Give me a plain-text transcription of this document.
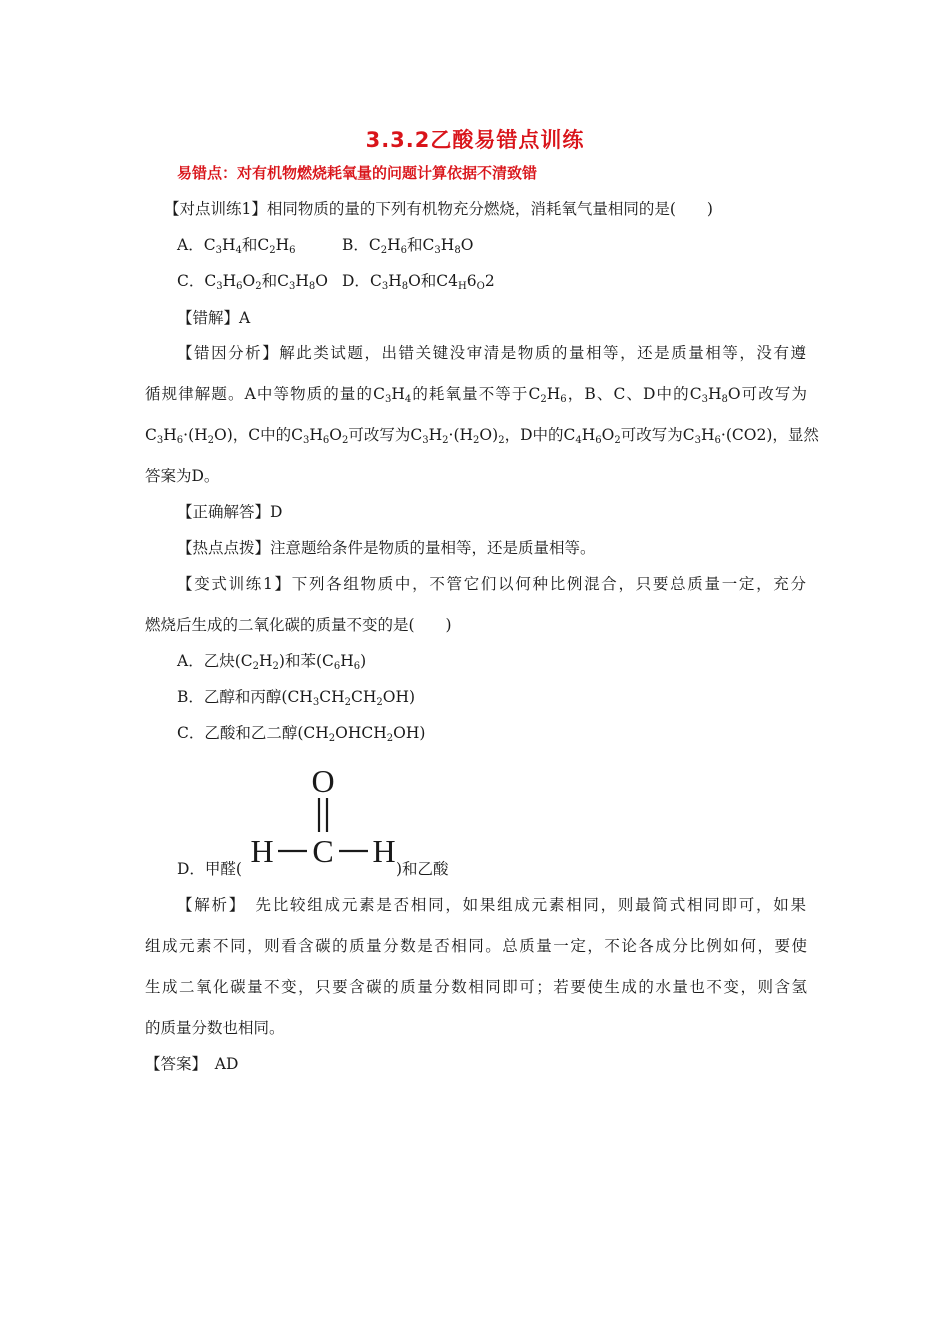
3.3.2乙酸易错点训练
易错点：对有机物燃烧耗氧量的问题计算依据不清致错
【对点训练1】相同物质的量的下列有机物充分燃烧，消耗氧气量相同的是(　　)
A．$C_3H_4$和$C_2H_6$	B．$C_2H_6$和$C_3H_8O$
C．$C_3H_6O_2$和$C_3H_8O$ D．$C_3H_8O$和$C4_H6_O2$
【错解】A
【错因分析】解此类试题，出错关键没审清是物质的量相等，还是质量相等，没有遵
循规律解题。A中等物质的量的$C_3H_4$的耗氧量不等于$C_2H_6$，B、C、D中的$C_3H_8O$可改写为
$C_3H_6\cdot(H_2O)$，C中的$C_3H_6O_2$可改写为$C_3H_2\cdot(H_2O)_2$，D中的$C_4H_6O_2$可改写为$C_3H_6\cdot(CO2)$，显然
答案为D。
【正确解答】D
【热点点拨】注意题给条件是物质的量相等，还是质量相等。
【变式训练1】下列各组物质中，不管它们以何种比例混合，只要总质量一定，充分
燃烧后生成的二氧化碳的质量不变的是(　　)
A．乙炔$(C_2H_2)$和苯$(C_6H_6)$
B．乙醇和丙醇$(CH_3CH_2CH_2OH)$
C．乙酸和乙二醇$(CH_2OHCH_2OH)$
O
H C H
D．甲醛(	)和乙酸
【解析】　先比较组成元素是否相同，如果组成元素相同，则最简式相同即可，如果
组成元素不同，则看含碳的质量分数是否相同。总质量一定，不论各成分比例如何，要使
生成二氧化碳量不变，只要含碳的质量分数相同即可；若要使生成的水量也不变，则含氢
的质量分数也相同。
【答案】　AD
